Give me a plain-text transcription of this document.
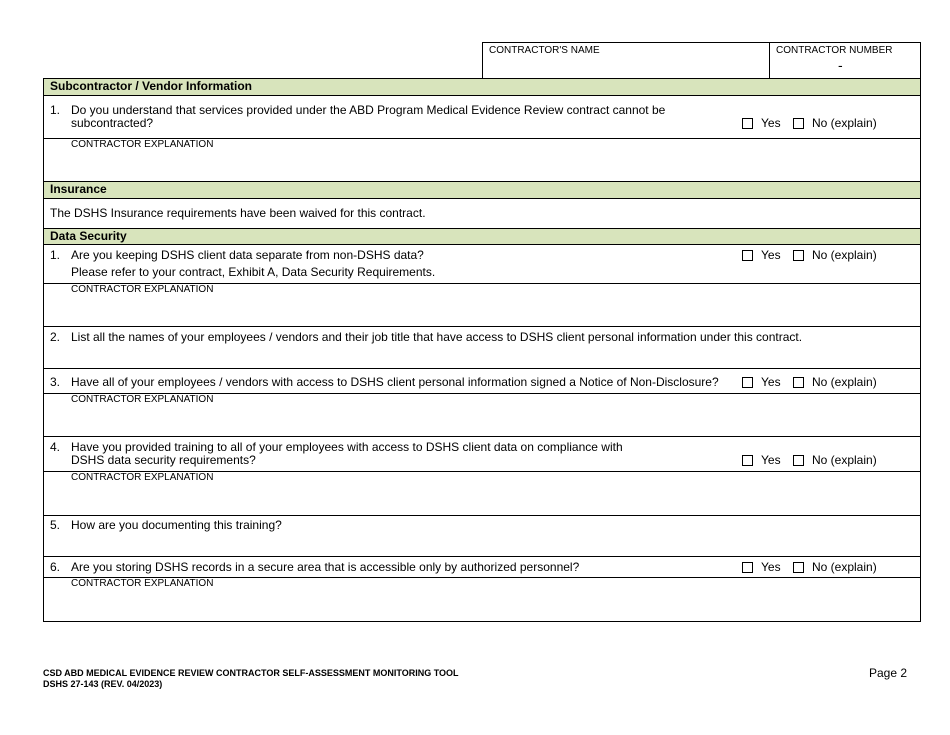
CONTRACTOR'S NAME	CONTRACTOR NUMBER
-
Subcontractor / Vendor Information
1. Do you understand that services provided under the ABD Program Medical Evidence Review contract cannot be
subcontracted?	Yes	No (explain)
CONTRACTOR EXPLANATION
Insurance
The DSHS Insurance requirements have been waived for this contract.
Data Security
1. Are you keeping DSHS client data separate from non-DSHS data?
Please refer to your contract, Exhibit A, Data Security Requirements.
Yes	No (explain)
CONTRACTOR EXPLANATION
2. List all the names of your employees / vendors and their job title that have access to DSHS client personal information under this contract.
3. Have all of your employees / vendors with access to DSHS client personal information signed a Notice of Non-Disclosure?	Yes	No (explain)
CONTRACTOR EXPLANATION
4. Have you provided training to all of your employees with access to DSHS client data on compliance with
DSHS data security requirements?	Yes	No (explain)
CONTRACTOR EXPLANATION
5. How are you documenting this training?
6. Are you storing DSHS records in a secure area that is accessible only by authorized personnel?	Yes	No (explain)
CONTRACTOR EXPLANATION
CSD ABD MEDICAL EVIDENCE REVIEW CONTRACTOR SELF-ASSESSMENT MONITORING TOOL
DSHS 27-143 (REV. 04/2023)
Page 2
